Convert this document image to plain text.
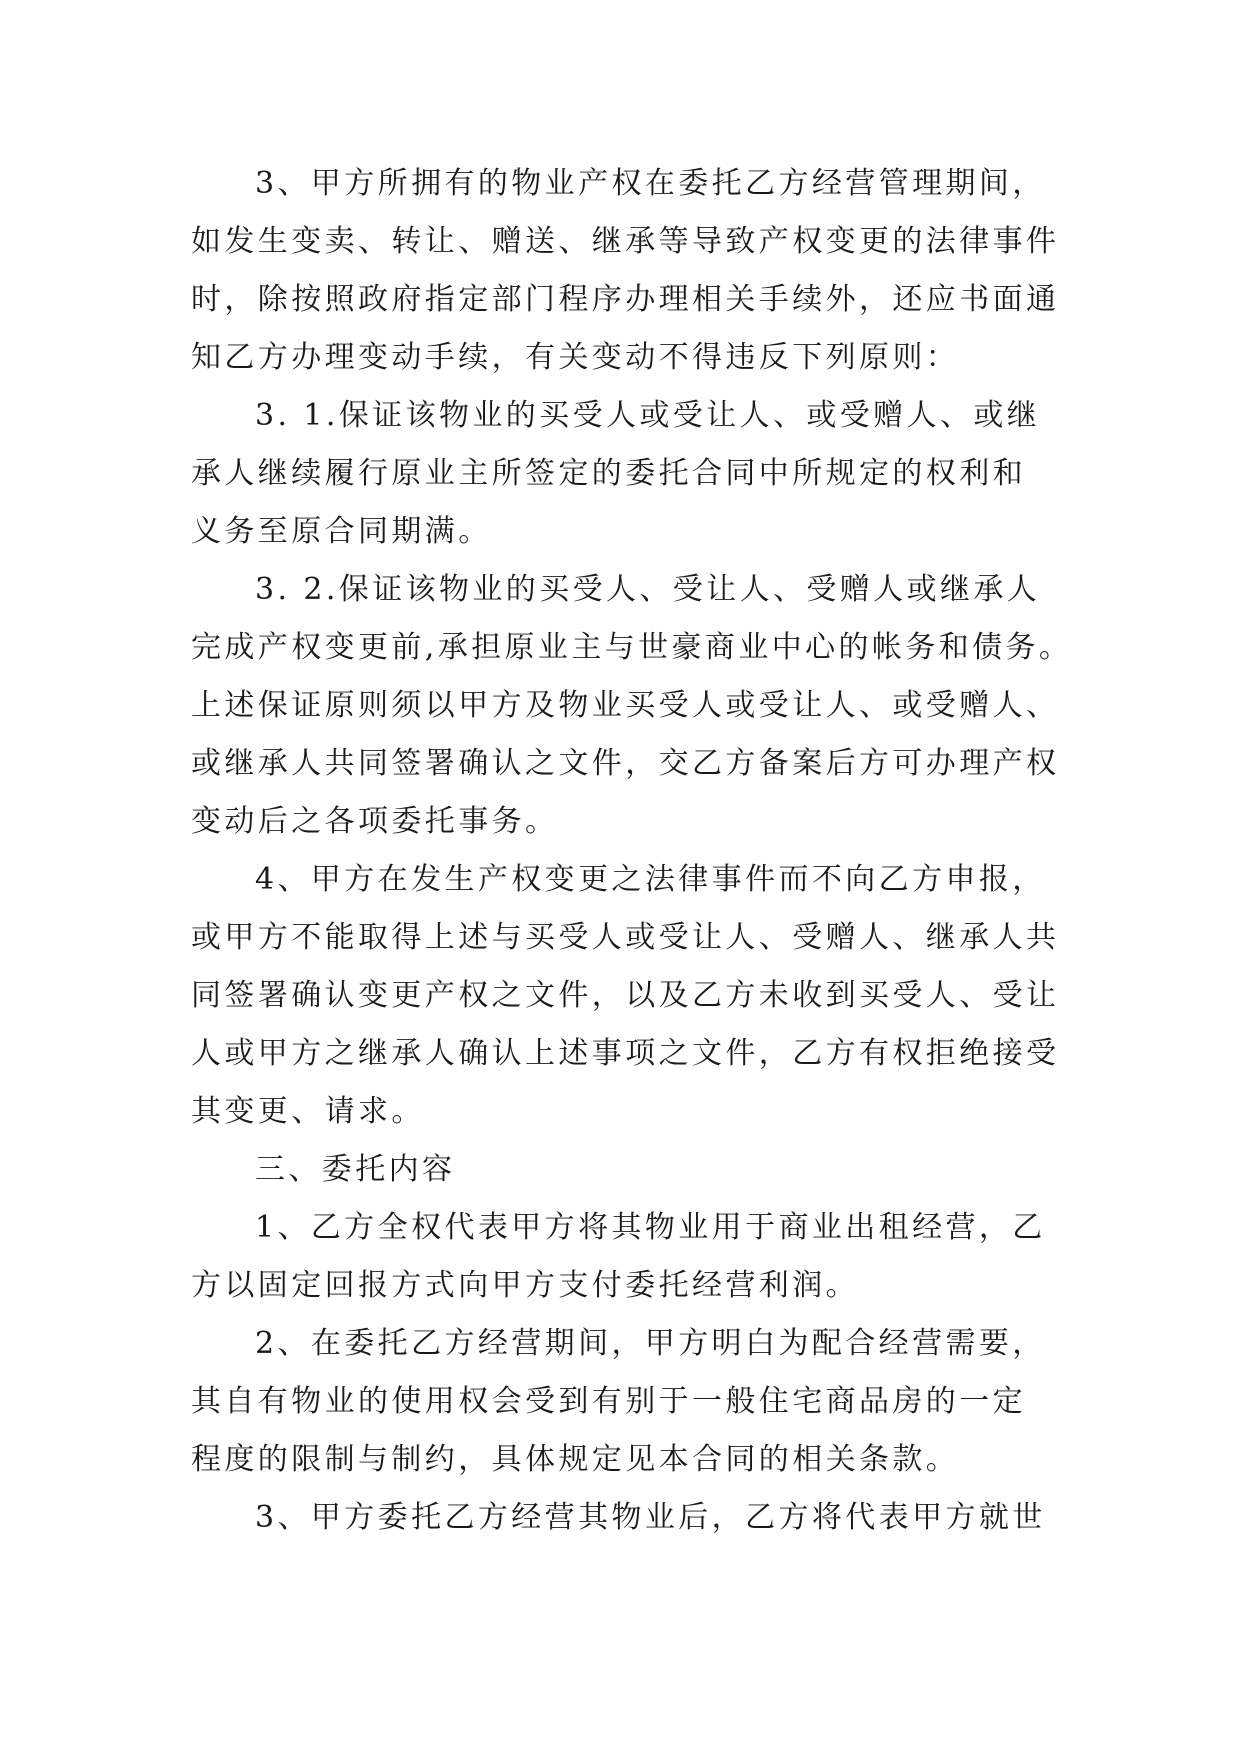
3、甲方所拥有的物业产权在委托乙方经营管理期间，
如发生变卖、转让、赠送、继承等导致产权变更的法律事件
时，除按照政府指定部门程序办理相关手续外，还应书面通
知乙方办理变动手续，有关变动不得违反下列原则：
3. 1.保证该物业的买受人或受让人、或受赠人、或继
承人继续履行原业主所签定的委托合同中所规定的权利和
义务至原合同期满。
3. 2.保证该物业的买受人、受让人、受赠人或继承人
完成产权变更前,承担原业主与世豪商业中心的帐务和债务。
上述保证原则须以甲方及物业买受人或受让人、或受赠人、
或继承人共同签署确认之文件，交乙方备案后方可办理产权
变动后之各项委托事务。
4、甲方在发生产权变更之法律事件而不向乙方申报，
或甲方不能取得上述与买受人或受让人、受赠人、继承人共
同签署确认变更产权之文件，以及乙方未收到买受人、受让
人或甲方之继承人确认上述事项之文件，乙方有权拒绝接受
其变更、请求。
三、委托内容
1、乙方全权代表甲方将其物业用于商业出租经营，乙
方以固定回报方式向甲方支付委托经营利润。
2、在委托乙方经营期间，甲方明白为配合经营需要，
其自有物业的使用权会受到有别于一般住宅商品房的一定
程度的限制与制约，具体规定见本合同的相关条款。
3、甲方委托乙方经营其物业后，乙方将代表甲方就世
